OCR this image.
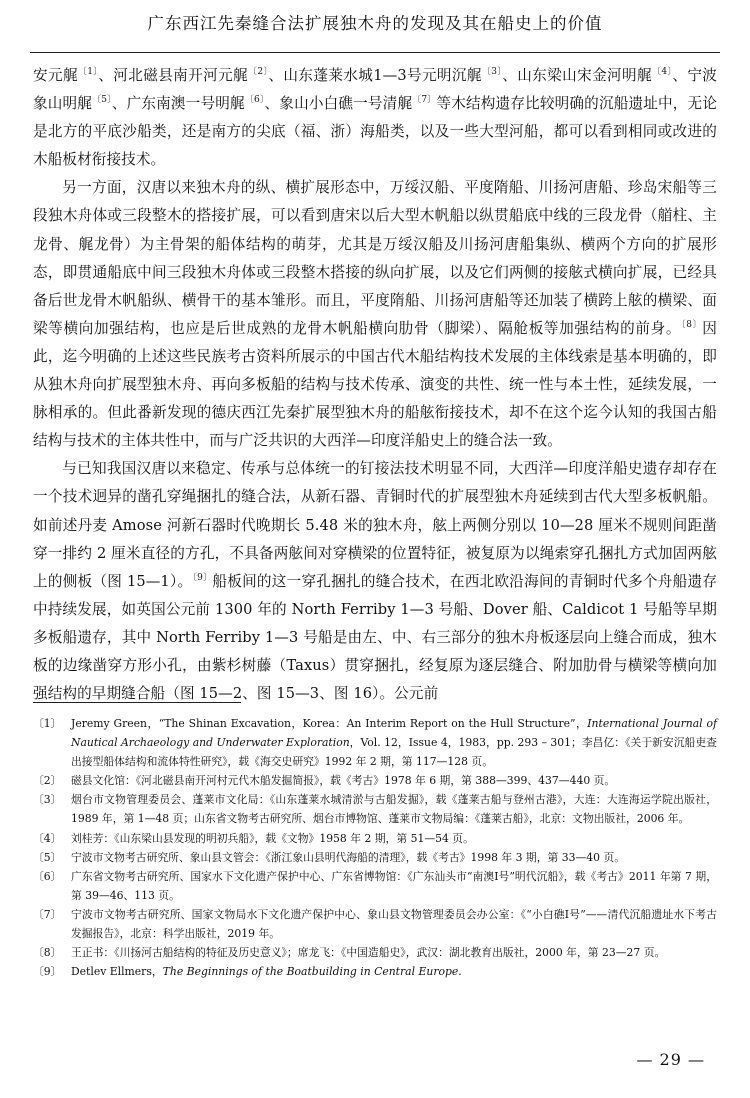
广东西江先秦缝合法扩展独木舟的发现及其在船史上的价值

安元艉$^{〔1〕}$、河北磁县南开河元艉$^{〔2〕}$、山东蓬莱水城1—3号元明沉艉$^{〔3〕}$、山东梁山宋金河明艉$^{〔4〕}$、宁波象山明艉$^{〔5〕}$、广东南澳一号明艉$^{〔6〕}$、象山小白礁一号清艉$^{〔7〕}$等木结构遗存比较明确的沉船遗址中，无论是北方的平底沙船类，还是南方的尖底（福、浙）海船类，以及一些大型河船，都可以看到相同或改进的木船板材衔接技术。

另一方面，汉唐以来独木舟的纵、横扩展形态中，万绥汉船、平度隋船、川扬河唐船、珍岛宋船等三段独木舟体或三段整木的搭接扩展，可以看到唐宋以后大型木帆船以纵贯船底中线的三段龙骨（艏柱、主龙骨、艉龙骨）为主骨架的船体结构的萌芽，尤其是万绥汉船及川扬河唐船集纵、横两个方向的扩展形态，即贯通船底中间三段独木舟体或三段整木搭接的纵向扩展，以及它们两侧的接舷式横向扩展，已经具备后世龙骨木帆船纵、横骨干的基本雏形。而且，平度隋船、川扬河唐船等还加装了横跨上舷的横梁、面梁等横向加强结构，也应是后世成熟的龙骨木帆船横向肋骨（脚梁）、隔舱板等加强结构的前身。$^{〔8〕}$因此，迄今明确的上述这些民族考古资料所展示的中国古代木船结构技术发展的主体线索是基本明确的，即从独木舟向扩展型独木舟、再向多板船的结构与技术传承、演变的共性、统一性与本土性，延续发展，一脉相承的。但此番新发现的德庆西江先秦扩展型独木舟的船舷衔接技术，却不在这个迄今认知的我国古船结构与技术的主体共性中，而与广泛共识的大西洋—印度洋船史上的缝合法一致。

与已知我国汉唐以来稳定、传承与总体统一的钉接法技术明显不同，大西洋—印度洋船史遗存却存在一个技术迥异的凿孔穿绳捆扎的缝合法，从新石器、青铜时代的扩展型独木舟延续到古代大型多板帆船。如前述丹麦 Amose 河新石器时代晚期长 5.48 米的独木舟，舷上两侧分别以 10—28 厘米不规则间距凿穿一排约 2 厘米直径的方孔，不具备两舷间对穿横梁的位置特征，被复原为以绳索穿孔捆扎方式加固两舷上的侧板（图 15—1）。$^{〔9〕}$船板间的这一穿孔捆扎的缝合技术，在西北欧沿海间的青铜时代多个舟船遗存中持续发展，如英国公元前 1300 年的 North Ferriby 1—3 号船、Dover 船、Caldicot 1 号船等早期多板船遗存，其中 North Ferriby 1—3 号船是由左、中、右三部分的独木舟板逐层向上缝合而成，独木板的边缘凿穿方形小孔，由紫杉树藤（Taxus）贯穿捆扎，经复原为逐层缝合、附加肋骨与横梁等横向加强结构的早期缝合船（图 15—2、图 15—3、图 16）。公元前

〔1〕 Jeremy Green，“The Shinan Excavation，Korea：An Interim Report on the Hull Structure”，International Journal of Nautical Archaeology and Underwater Exploration，Vol. 12，Issue 4，1983，pp. 293 – 301；李昌亿：《关于新安沉船吏查出接型船体结构和流体特性研究》，载《海交史研究》1992 年 2 期，第 117—128 页。
〔2〕 磁县文化馆：《河北磁县南开河村元代木船发掘简报》，载《考古》1978 年 6 期，第 388—399、437—440 页。
〔3〕 烟台市文物管理委员会、蓬莱市文化局：《山东蓬莱水城清淤与古船发掘》，载《蓬莱古船与登州古港》，大连：大连海运学院出版社，1989 年，第 1—48 页；山东省文物考古研究所、烟台市博物馆、蓬莱市文物局编：《蓬莱古船》，北京：文物出版社，2006 年。
〔4〕 刘桂芳：《山东梁山县发现的明初兵船》，载《文物》1958 年 2 期，第 51—54 页。
〔5〕 宁波市文物考古研究所、象山县文管会：《浙江象山县明代海船的清理》，载《考古》1998 年 3 期，第 33—40 页。
〔6〕 广东省文物考古研究所、国家水下文化遗产保护中心、广东省博物馆：《广东汕头市“南澳Ⅰ号”明代沉船》，载《考古》2011 年第 7 期，第 39—46、113 页。
〔7〕 宁波市文物考古研究所、国家文物局水下文化遗产保护中心、象山县文物管理委员会办公室：《“小白礁Ⅰ号”——清代沉船遗址水下考古发掘报告》，北京：科学出版社，2019 年。
〔8〕 王正书：《川扬河古船结构的特征及历史意义》；席龙飞：《中国造船史》，武汉：湖北教育出版社，2000 年，第 23—27 页。
〔9〕 Detlev Ellmers，The Beginnings of the Boatbuilding in Central Europe.
— 29 —
